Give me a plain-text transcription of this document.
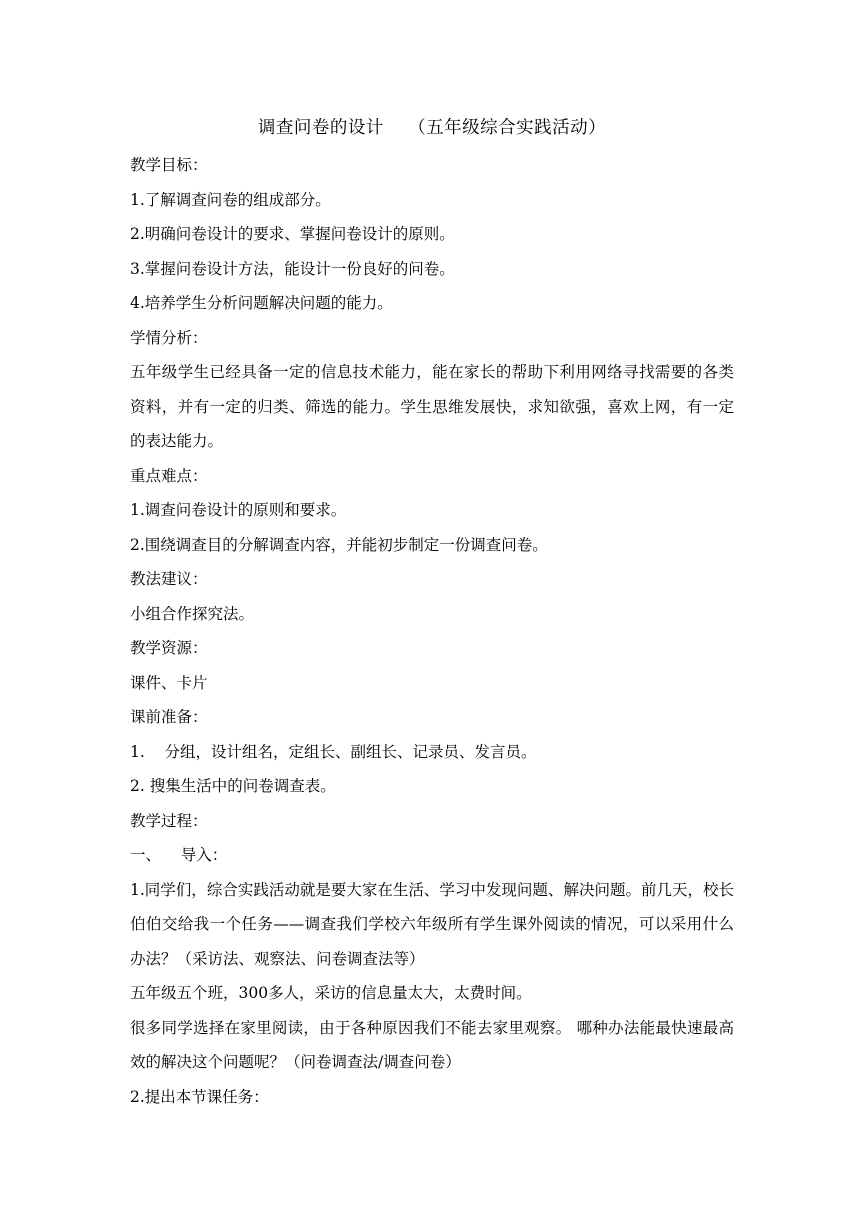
调查问卷的设计    （五年级综合实践活动）

教学目标：

1.了解调查问卷的组成部分。

2.明确问卷设计的要求、掌握问卷设计的原则。

3.掌握问卷设计方法，能设计一份良好的问卷。

4.培养学生分析问题解决问题的能力。

学情分析：

五年级学生已经具备一定的信息技术能力，能在家长的帮助下利用网络寻找需要的各类资料，并有一定的归类、筛选的能力。学生思维发展快，求知欲强，喜欢上网，有一定的表达能力。

重点难点：

1.调查问卷设计的原则和要求。

2.围绕调查目的分解调查内容，并能初步制定一份调查问卷。

教法建议：

小组合作探究法。

教学资源：

课件、卡片

课前准备：

1.    分组，设计组名，定组长、副组长、记录员、发言员。

2. 搜集生活中的问卷调查表。

教学过程：

一、    导入：

1.同学们，综合实践活动就是要大家在生活、学习中发现问题、解决问题。前几天，校长伯伯交给我一个任务——调查我们学校六年级所有学生课外阅读的情况，可以采用什么办法？（采访法、观察法、问卷调查法等）

五年级五个班，300多人，采访的信息量太大，太费时间。

很多同学选择在家里阅读，由于各种原因我们不能去家里观察。 哪种办法能最快速最高效的解决这个问题呢？（问卷调查法/调查问卷）

2.提出本节课任务：
